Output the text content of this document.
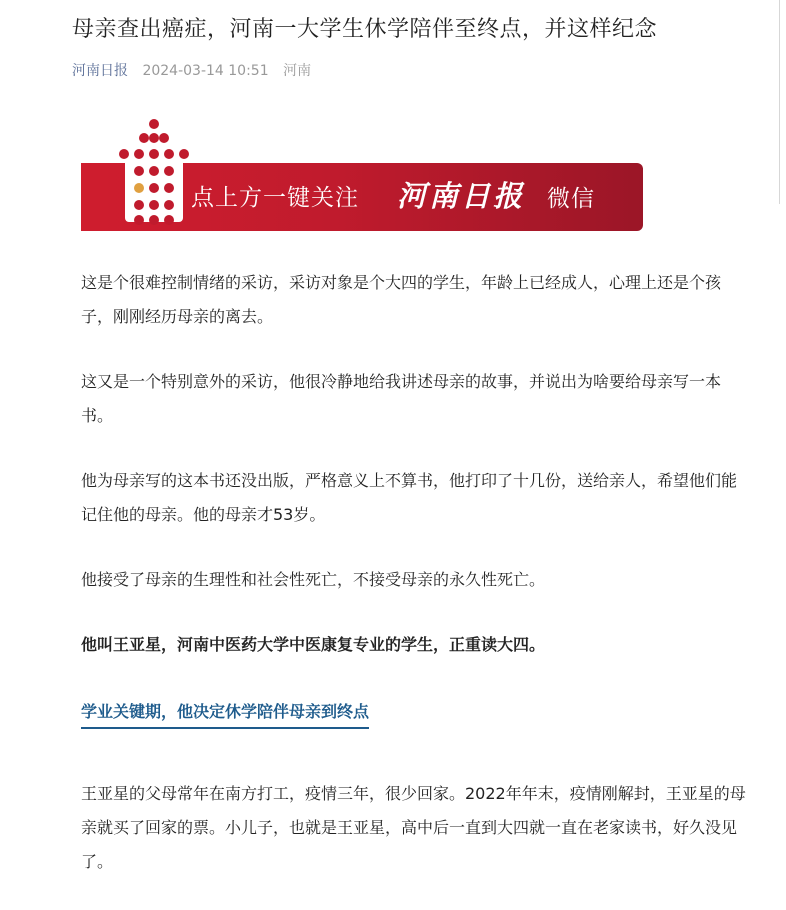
母亲查出癌症，河南一大学生休学陪伴至终点，并这样纪念
河南日报 2024-03-14 10:51 河南
点上方一键关注 河南日报 微信

这是个很难控制情绪的采访，采访对象是个大四的学生，年龄上已经成人，心理上还是个孩子，刚刚经历母亲的离去。

这又是一个特别意外的采访，他很冷静地给我讲述母亲的故事，并说出为啥要给母亲写一本书。

他为母亲写的这本书还没出版，严格意义上不算书，他打印了十几份，送给亲人，希望他们能记住他的母亲。他的母亲才53岁。

他接受了母亲的生理性和社会性死亡，不接受母亲的永久性死亡。

他叫王亚星，河南中医药大学中医康复专业的学生，正重读大四。

学业关键期，他决定休学陪伴母亲到终点

王亚星的父母常年在南方打工，疫情三年，很少回家。2022年年末，疫情刚解封，王亚星的母亲就买了回家的票。小儿子，也就是王亚星，高中后一直到大四就一直在老家读书，好久没见了。
